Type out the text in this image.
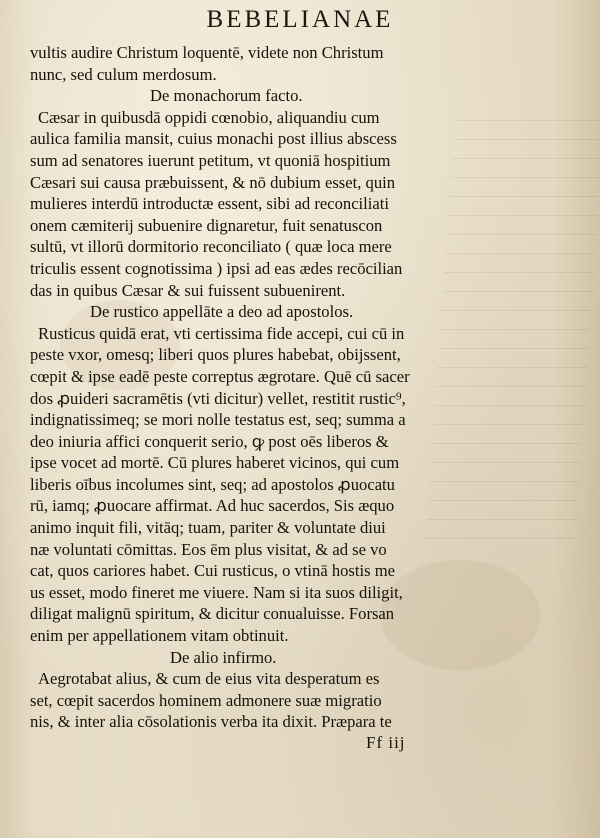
BEBELIANAE
vultis audire Christum loquentē, videte non Christum
nunc, sed culum merdosum.
De monachorum facto.
Cæsar in quibusdā oppidi cœnobio, aliquandiu cum
aulica familia mansit, cuius monachi post illius abscess
sum ad senatores iuerunt petitum, vt quoniā hospitium
Cæsari sui causa præbuissent, & nō dubium esset, quin
mulieres interdū introductæ essent, sibi ad reconciliati
onem cæmiterij subuenire dignaretur, fuit senatuscon
sultū, vt illorū dormitorio reconciliato ( quæ loca mere
triculis essent cognotissima ) ipsi ad eas ædes recōcilian
das in quibus Cæsar & sui fuissent subuenirent.
De rustico appellāte a deo ad apostolos.
Rusticus quidā erat, vti certissima fide accepi, cui cū in
peste vxor, omesq; liberi quos plures habebat, obijssent,
cœpit & ipse eadē peste correptus ægrotare. Quē cū sacer
dos ꝓuideri sacramētis (vti dicitur) vellet, restitit rustic⁹,
indignatissimeq; se mori nolle testatus est, seq; summa a
deo iniuria affici conquerit serio, ꝙ post oēs liberos &
ipse vocet ad mortē. Cū plures haberet vicinos, qui cum
liberis oībus incolumes sint, seq; ad apostolos ꝓuocatu
rū, iamq; ꝓuocare affirmat. Ad huc sacerdos, Sis æquo
animo inquit fili, vitāq; tuam, pariter & voluntate diui
næ voluntati cōmittas. Eos ēm plus visitat, & ad se vo
cat, quos cariores habet. Cui rusticus, o vtinā hostis me
us esset, modo fineret me viuere. Nam si ita suos diligit,
diligat malignū spiritum, & dicitur conualuisse. Forsan
enim per appellationem vitam obtinuit.
De alio infirmo.
Aegrotabat alius, & cum de eius vita desperatum es
set, cœpit sacerdos hominem admonere suæ migratio
nis, & inter alia cōsolationis verba ita dixit. Præpara te
Ff iij
